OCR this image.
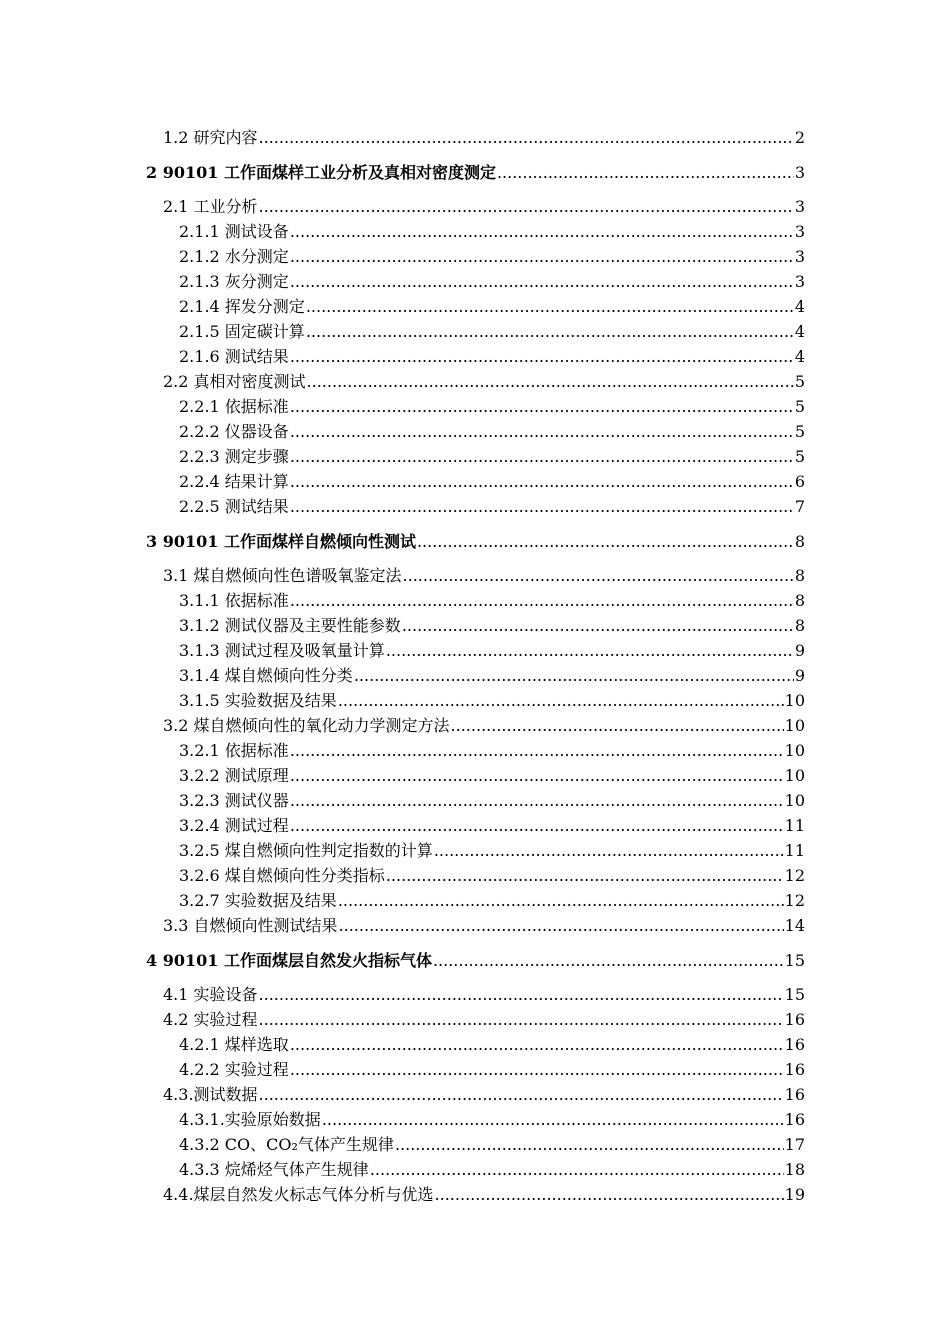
1.2 研究内容 .....	2
2 90101 工作面煤样工业分析及真相对密度测定 .....	3
2.1 工业分析 .....	3
2.1.1 测试设备 .....	3
2.1.2 水分测定 .....	3
2.1.3 灰分测定 .....	3
2.1.4 挥发分测定 .....	4
2.1.5 固定碳计算 .....	4
2.1.6 测试结果 .....	4
2.2 真相对密度测试 .....	5
2.2.1 依据标准 .....	5
2.2.2 仪器设备 .....	5
2.2.3 测定步骤 .....	5
2.2.4 结果计算 .....	6
2.2.5 测试结果 .....	7
3 90101 工作面煤样自燃倾向性测试 .....	8
3.1 煤自燃倾向性色谱吸氧鉴定法 .....	8
3.1.1 依据标准 .....	8
3.1.2 测试仪器及主要性能参数 .....	8
3.1.3 测试过程及吸氧量计算 .....	9
3.1.4 煤自燃倾向性分类 .....	9
3.1.5 实验数据及结果 .....	10
3.2 煤自燃倾向性的氧化动力学测定方法 .....	10
3.2.1 依据标准 .....	10
3.2.2 测试原理 .....	10
3.2.3 测试仪器 .....	10
3.2.4 测试过程 .....	11
3.2.5 煤自燃倾向性判定指数的计算 .....	11
3.2.6 煤自燃倾向性分类指标 .....	12
3.2.7 实验数据及结果 .....	12
3.3 自燃倾向性测试结果 .....	14
4 90101 工作面煤层自然发火指标气体 .....	15
4.1 实验设备 .....	15
4.2 实验过程 .....	16
4.2.1 煤样选取 .....	16
4.2.2 实验过程 .....	16
4.3.测试数据 .....	16
4.3.1.实验原始数据 .....	16
4.3.2 CO、CO₂气体产生规律 .....	17
4.3.3 烷烯烃气体产生规律 .....	18
4.4.煤层自然发火标志气体分析与优选 .....	19
